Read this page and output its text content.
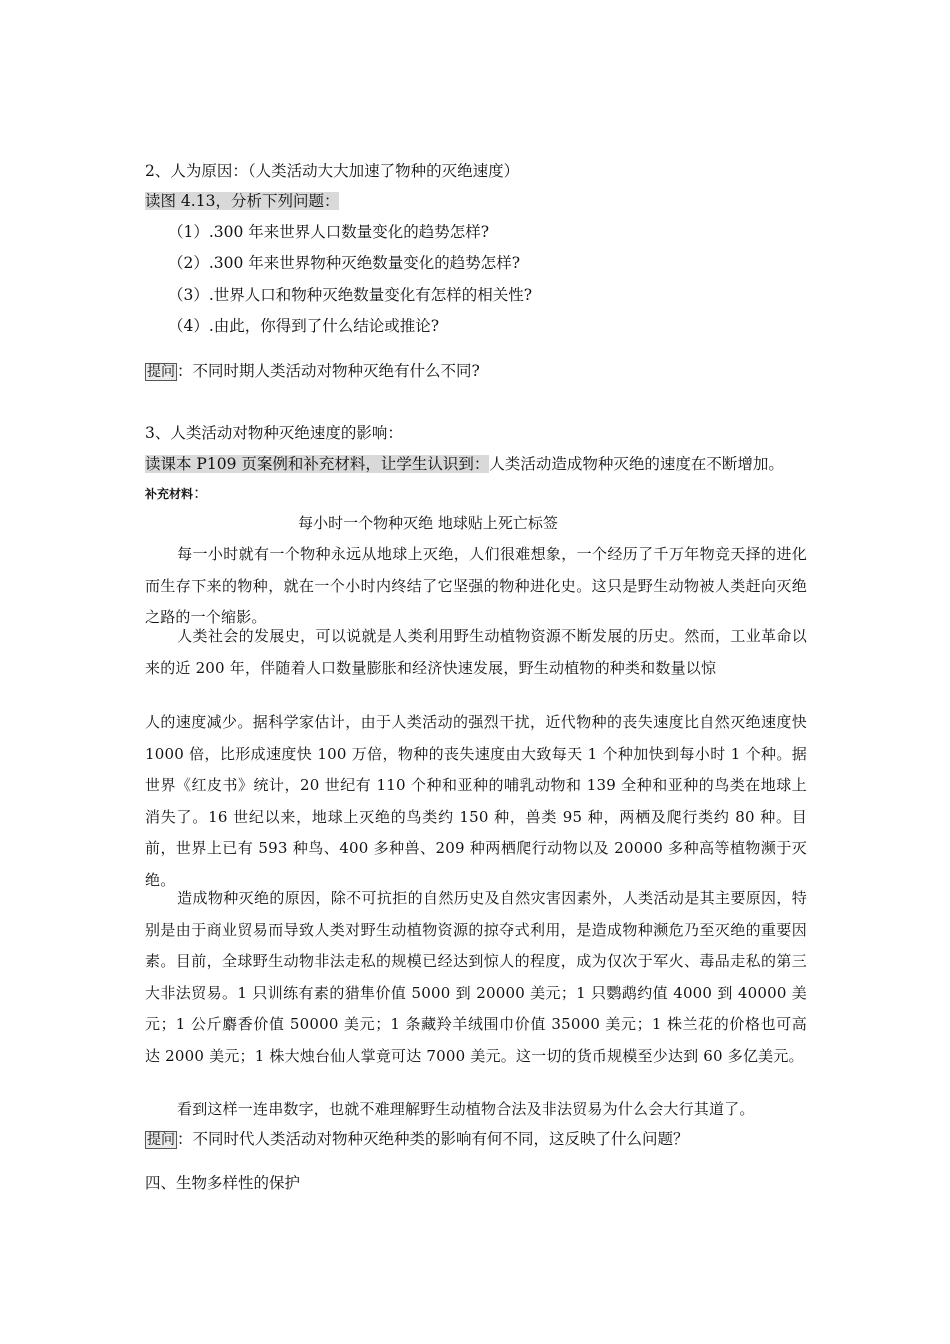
2、人为原因：（人类活动大大加速了物种的灭绝速度）
读图 4.13，分析下列问题：
（1）.300 年来世界人口数量变化的趋势怎样?
（2）.300 年来世界物种灭绝数量变化的趋势怎样?
（3）.世界人口和物种灭绝数量变化有怎样的相关性?
（4）.由此，你得到了什么结论或推论?
提问 ：不同时期人类活动对物种灭绝有什么不同?
3、人类活动对物种灭绝速度的影响：
读课本 P109 页案例和补充材料，让学生认识到：人类活动造成物种灭绝的速度在不断增加。
补充材料：
每小时一个物种灭绝 地球贴上死亡标签
每一小时就有一个物种永远从地球上灭绝，人们很难想象，一个经历了千万年物竞天择的进化而生存下来的物种，就在一个小时内终结了它坚强的物种进化史。这只是野生动物被人类赶向灭绝之路的一个缩影。
人类社会的发展史，可以说就是人类利用野生动植物资源不断发展的历史。然而，工业革命以来的近 200 年，伴随着人口数量膨胀和经济快速发展，野生动植物的种类和数量以惊
人的速度减少。据科学家估计，由于人类活动的强烈干扰，近代物种的丧失速度比自然灭绝速度快 1000 倍，比形成速度快 100 万倍，物种的丧失速度由大致每天 1 个种加快到每小时 1 个种。据世界《红皮书》统计，20 世纪有 110 个种和亚种的哺乳动物和 139 全种和亚种的鸟类在地球上消失了。16 世纪以来，地球上灭绝的鸟类约 150 种，兽类 95 种，两栖及爬行类约 80 种。目前，世界上已有 593 种鸟、400 多种兽、209 种两栖爬行动物以及 20000 多种高等植物濒于灭绝。
造成物种灭绝的原因，除不可抗拒的自然历史及自然灾害因素外，人类活动是其主要原因，特别是由于商业贸易而导致人类对野生动植物资源的掠夺式利用，是造成物种濒危乃至灭绝的重要因素。目前，全球野生动物非法走私的规模已经达到惊人的程度，成为仅次于军火、毒品走私的第三大非法贸易。1 只训练有素的猎隼价值 5000 到 20000 美元；1 只鹦鹉约值 4000 到 40000 美元；1 公斤麝香价值 50000 美元；1 条藏羚羊绒围巾价值 35000 美元；1 株兰花的价格也可高达 2000 美元；1 株大烛台仙人掌竟可达 7000 美元。这一切的货币规模至少达到 60 多亿美元。
看到这样一连串数字，也就不难理解野生动植物合法及非法贸易为什么会大行其道了。
提问 ：不同时代人类活动对物种灭绝种类的影响有何不同，这反映了什么问题？
四、生物多样性的保护
